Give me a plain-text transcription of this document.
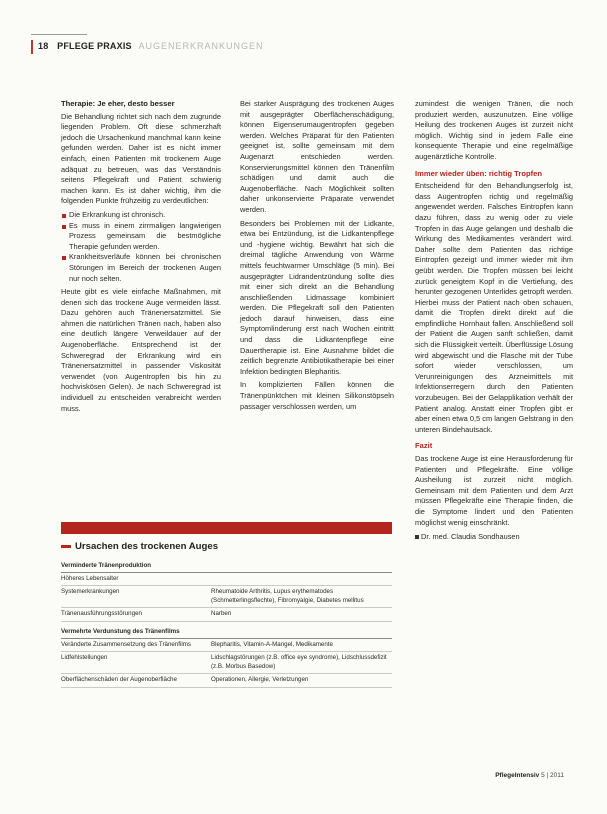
18 PFLEGE PRAXIS AUGENERKRANKUNGEN
Therapie: Je eher, desto besser

Die Behandlung richtet sich nach dem zugrunde liegenden Problem. Oft diese schmerzhaft jedoch die Ursachenkund manchmal kann keine gefunden werden. Daher ist es nicht immer einfach, einen Patienten mit trockenem Auge adäquat zu betreuen, was das Verständnis seitens Pflegekraft und Patient schwierig machen kann. Es ist daher wichtig, ihm die folgenden Punkte frühzeitig zu verdeutlichen:

Die Erkrankung ist chronisch.
Es muss in einem zirrmaligen langwierigen Prozess gemeinsam die bestmögliche Therapie gefunden werden.
Krankheitsverläufe können bei chronischen Störungen im Bereich der trockenen Augen nur noch selten.

Heute gibt es viele einfache Maßnahmen, mit denen sich das trockene Auge vermeiden lässt. Dazu gehören auch Tränenersatzmittel. Sie ahmen die natürlichen Tränen nach, haben also eine deutlich längere Verweildauer auf der Augenoberfläche. Entsprechend ist der Schweregrad der Erkrankung wird ein Tränenersatzmittel in passender Viskosität verwendet (von Augentropfen bis hin zu hochviskösen Gelen). Je nach Schweregrad ist individuell zu entscheiden verabreicht werden muss.

Bei starker Ausprägung des trockenen Auges mit ausgeprägter Oberflächenschädigung, können Eigenserumaugentropfen gegeben werden. Welches Präparat für den Patienten geeignet ist, sollte gemeinsam mit dem Augenarzt entschieden werden. Konservierungsmittel können den Tränenfilm schädigen und damit auch die Augenoberfläche. Nach Möglichkeit sollten daher unkonservierte Präparate verwendet werden.

Besonders bei Problemen mit der Lidkante, etwa bei Entzündung, ist die Lidkantenpflege und -hygiene wichtig. Bewährt hat sich die dreimal tägliche Anwendung von Wärme mittels feuchtwarmer Umschläge (5 min). Bei ausgeprägter Lidrandentzündung sollte dies mit einer sich direkt an die Behandlung anschließenden Lidmassage kombiniert werden. Die Pflegekraft soll den Patienten jedoch darauf hinweisen, dass eine Symptomlinderung erst nach Wochen eintritt und dass die Lidkantenpflege eine Dauertherapie ist. Eine Ausnahme bildet die zeitlich begrenzte Antibiotikatherapie bei einer Infektion bedingten Blepharitis.

In komplizierten Fällen können die Tränenpünktchen mit kleinen Silikonstöpseln passager verschlossen werden, um

zumindest die wenigen Tränen, die noch produziert werden, auszunutzen. Eine völlige Heilung des trockenen Auges ist zurzeit nicht möglich. Wichtig sind in jedem Falle eine konsequente Therapie und eine regelmäßige augenärztliche Kontrolle.

Immer wieder üben: richtig Tropfen

Entscheidend für den Behandlungserfolg ist, dass Augentropfen richtig und regelmäßig angewendet werden. Falsches Eintropfen kann dazu führen, dass zu wenig oder zu viele Tropfen in das Auge gelangen und deshalb die Wirkung des Medikamentes verändert wird. Daher sollte dem Patienten das richtige Eintropfen gezeigt und immer wieder mit ihm geübt werden. Die Tropfen müssen bei leicht zurück geneigtem Kopf in die Vertiefung, des herunter gezogenen Unterlides getropft werden. Hierbei muss der Patient nach oben schauen, damit die Tropfen direkt direkt auf die empfindliche Hornhaut fallen. Anschließend soll der Patient die Augen sanft schließen, damit sich die Flüssigkeit verteilt. Überflüssige Lösung wird abgewischt und die Flasche mit der Tube sofort wieder verschlossen, um Verunreinigungen des Arzneimittels mit Infektionserregern durch den Patienten vorzubeugen. Bei der Gelapplikation verhält der Patient analog. Anstatt einer Tropfen gibt er aber einen etwa 0,5 cm langen Gelstrang in den unteren Bindehautsack.

Fazit

Das trockene Auge ist eine Herausforderung für Patienten und Pflegekräfte. Eine völlige Ausheilung ist zurzeit nicht möglich. Gemeinsam mit dem Patienten und dem Arzt müssen Pflegekräfte eine Therapie finden, die die Symptome lindert und den Patienten möglichst wenig einschränkt.

Dr. med. Claudia Sondhausen
Ursachen des trockenen Auges
Verminderte Tränenproduktion
Höheres Lebensalter
Systemerkrankungen	Rheumatoide Arthritis, Lupus erythematodes (Schmetterlingsflechte), Fibromyalgie, Diabetes mellitus
Tränenausführungsstörungen	Narben
Vermehrte Verdunstung des Tränenfilms
Veränderte Zusammensetzung des Tränenfilms	Blepharitis, Vitamin-A-Mangel, Medikamente
Lidfehlstellungen	Lidschlagstörungen (z.B. office eye syndrome), Lidschlussdefizit (z.B. Morbus Basedow)
Oberflächenschäden der Augenoberfläche	Operationen, Allergie, Verletzungen
PflegeIntensiv 5 | 2011
